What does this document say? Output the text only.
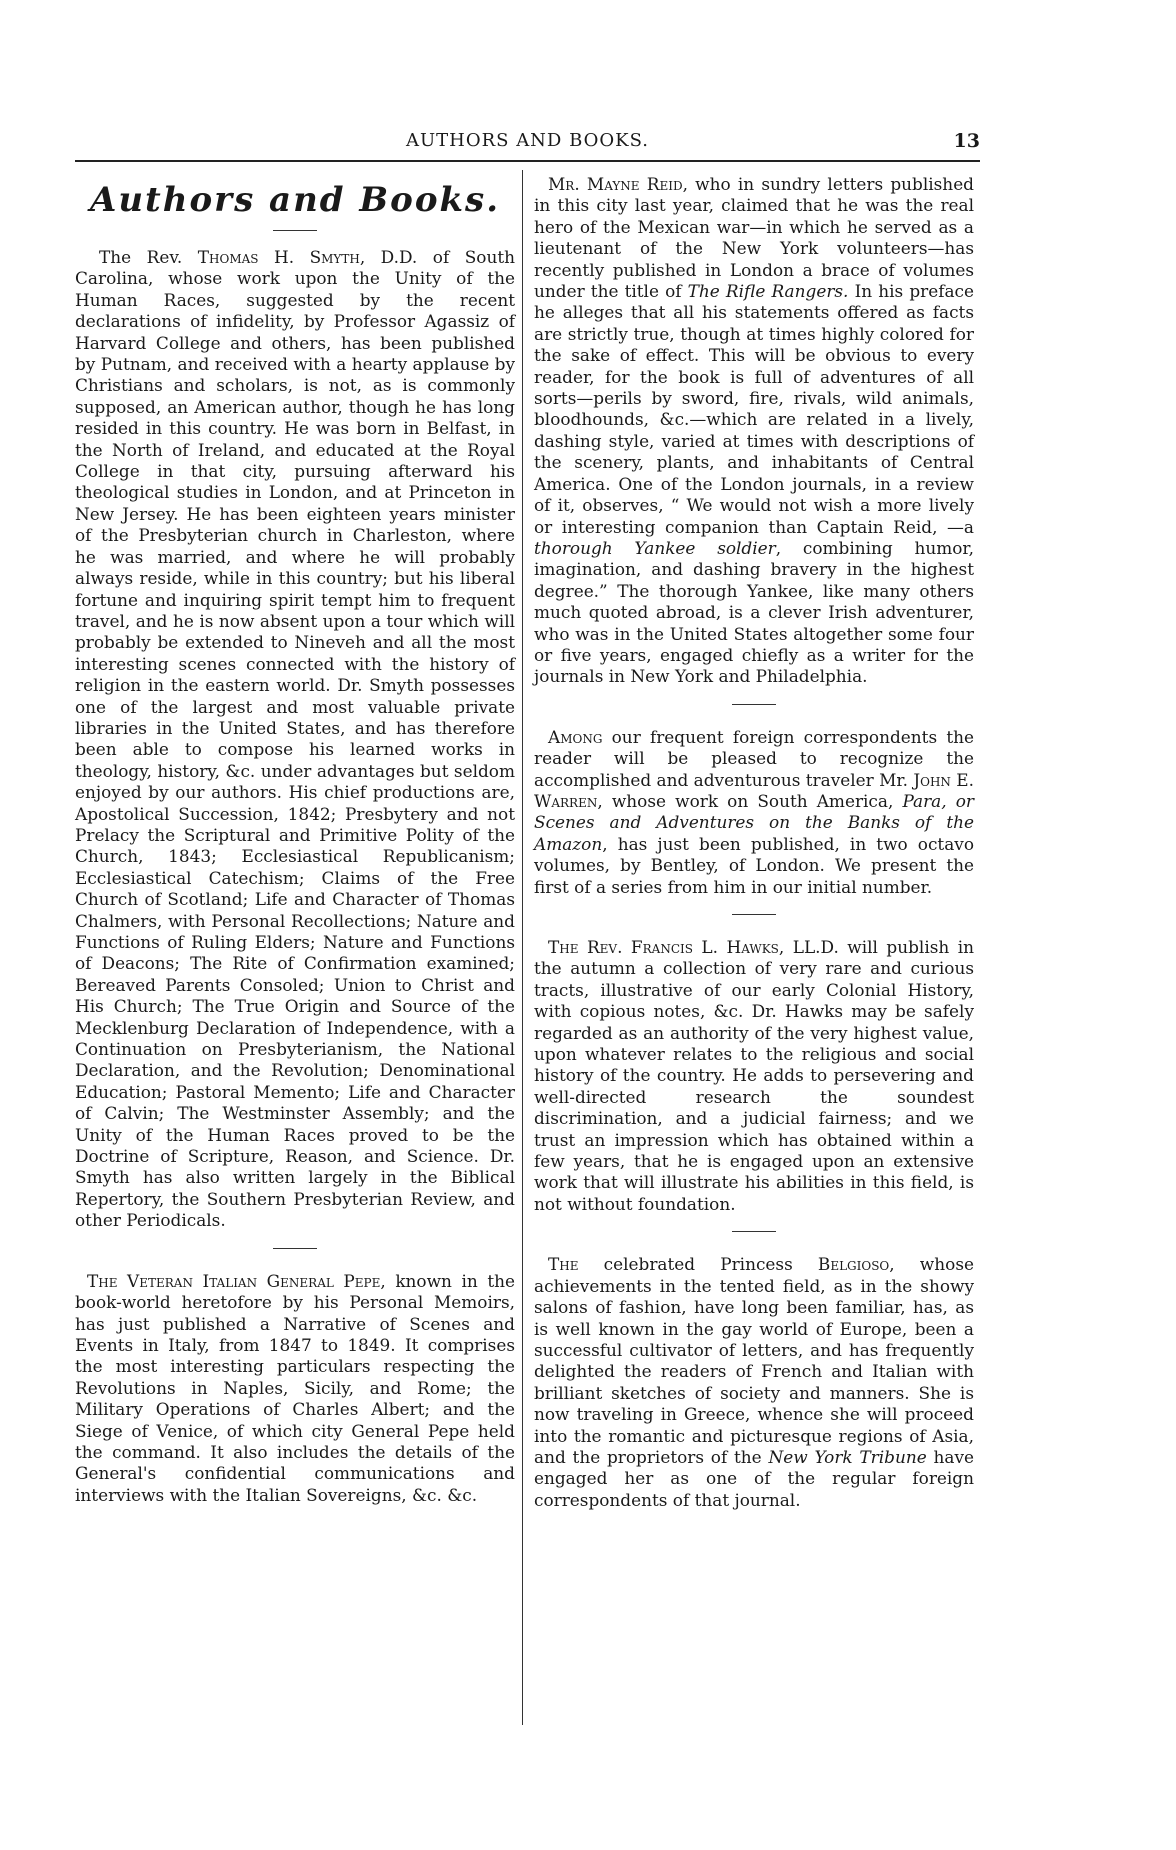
AUTHORS AND BOOKS.	13
Authors and Books.

The Rev. Thomas H. Smyth, D.D. of South Carolina, whose work upon the Unity of the Human Races, suggested by the recent declarations of infidelity, by Professor Agassiz of Harvard College and others, has been published by Putnam, and received with a hearty applause by Christians and scholars, is not, as is commonly supposed, an American author, though he has long resided in this country. He was born in Belfast, in the North of Ireland, and educated at the Royal College in that city, pursuing afterward his theological studies in London, and at Princeton in New Jersey. He has been eighteen years minister of the Presbyterian church in Charleston, where he was married, and where he will probably always reside, while in this country; but his liberal fortune and inquiring spirit tempt him to frequent travel, and he is now absent upon a tour which will probably be extended to Nineveh and all the most interesting scenes connected with the history of religion in the eastern world. Dr. Smyth possesses one of the largest and most valuable private libraries in the United States, and has therefore been able to compose his learned works in theology, history, &c. under advantages but seldom enjoyed by our authors. His chief productions are, Apostolical Succession, 1842; Presbytery and not Prelacy the Scriptural and Primitive Polity of the Church, 1843; Ecclesiastical Republicanism; Ecclesiastical Catechism; Claims of the Free Church of Scotland; Life and Character of Thomas Chalmers, with Personal Recollections; Nature and Functions of Ruling Elders; Nature and Functions of Deacons; The Rite of Confirmation examined; Bereaved Parents Consoled; Union to Christ and His Church; The True Origin and Source of the Mecklenburg Declaration of Independence, with a Continuation on Presbyterianism, the National Declaration, and the Revolution; Denominational Education; Pastoral Memento; Life and Character of Calvin; The Westminster Assembly; and the Unity of the Human Races proved to be the Doctrine of Scripture, Reason, and Science. Dr. Smyth has also written largely in the Biblical Repertory, the Southern Presbyterian Review, and other Periodicals.

The Veteran Italian General Pepe, known in the book-world heretofore by his Personal Memoirs, has just published a Narrative of Scenes and Events in Italy, from 1847 to 1849. It comprises the most interesting particulars respecting the Revolutions in Naples, Sicily, and Rome; the Military Operations of Charles Albert; and the Siege of Venice, of which city General Pepe held the command. It also includes the details of the General's confidential communications and interviews with the Italian Sovereigns, &c. &c.

Mr. Mayne Reid, who in sundry letters published in this city last year, claimed that he was the real hero of the Mexican war—in which he served as a lieutenant of the New York volunteers—has recently published in London a brace of volumes under the title of The Rifle Rangers. In his preface he alleges that all his statements offered as facts are strictly true, though at times highly colored for the sake of effect. This will be obvious to every reader, for the book is full of adventures of all sorts—perils by sword, fire, rivals, wild animals, bloodhounds, &c.—which are related in a lively, dashing style, varied at times with descriptions of the scenery, plants, and inhabitants of Central America. One of the London journals, in a review of it, observes, “ We would not wish a more lively or interesting companion than Captain Reid, —a thorough Yankee soldier, combining humor, imagination, and dashing bravery in the highest degree.” The thorough Yankee, like many others much quoted abroad, is a clever Irish adventurer, who was in the United States altogether some four or five years, engaged chiefly as a writer for the journals in New York and Philadelphia.

Among our frequent foreign correspondents the reader will be pleased to recognize the accomplished and adventurous traveler Mr. John E. Warren, whose work on South America, Para, or Scenes and Adventures on the Banks of the Amazon, has just been published, in two octavo volumes, by Bentley, of London. We present the first of a series from him in our initial number.

The Rev. Francis L. Hawks, LL.D. will publish in the autumn a collection of very rare and curious tracts, illustrative of our early Colonial History, with copious notes, &c. Dr. Hawks may be safely regarded as an authority of the very highest value, upon whatever relates to the religious and social history of the country. He adds to persevering and well-directed research the soundest discrimination, and a judicial fairness; and we trust an impression which has obtained within a few years, that he is engaged upon an extensive work that will illustrate his abilities in this field, is not without foundation.

The celebrated Princess Belgioso, whose achievements in the tented field, as in the showy salons of fashion, have long been familiar, has, as is well known in the gay world of Europe, been a successful cultivator of letters, and has frequently delighted the readers of French and Italian with brilliant sketches of society and manners. She is now traveling in Greece, whence she will proceed into the romantic and picturesque regions of Asia, and the proprietors of the New York Tribune have engaged her as one of the regular foreign correspondents of that journal.
